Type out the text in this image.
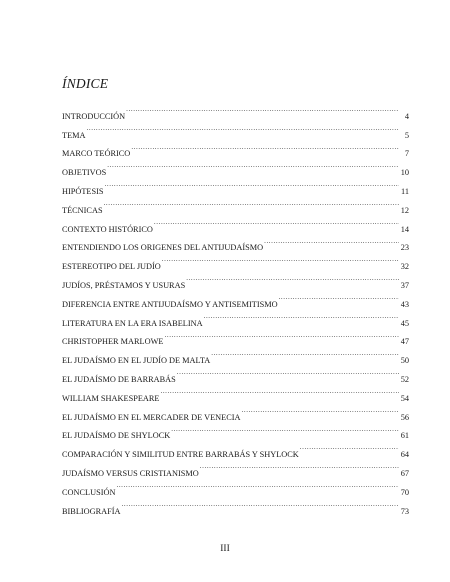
ÍNDICE
INTRODUCCIÓN .....	4
TEMA .....	5
MARCO TEÓRICO .....	7
OBJETIVOS .....	10
HIPÓTESIS .....	11
TÉCNICAS .....	12
CONTEXTO HISTÓRICO .....	14
ENTENDIENDO LOS ORIGENES DEL ANTIJUDAÍSMO .....	23
ESTEREOTIPO DEL JUDÍO .....	32
JUDÍOS, PRÉSTAMOS Y USURAS .....	37
DIFERENCIA ENTRE ANTIJUDAÍSMO Y ANTISEMITISMO .....	43
LITERATURA EN LA ERA ISABELINA .....	45
CHRISTOPHER MARLOWE .....	47
EL JUDAÍSMO EN EL JUDÍO DE MALTA .....	50
EL JUDAÍSMO DE BARRABÁS .....	52
WILLIAM SHAKESPEARE .....	54
EL JUDAÍSMO EN EL MERCADER DE VENECIA .....	56
EL JUDAÍSMO DE SHYLOCK .....	61
COMPARACIÓN Y SIMILITUD ENTRE BARRABÁS Y SHYLOCK .....	64
JUDAÍSMO VERSUS CRISTIANISMO .....	67
CONCLUSIÓN .....	70
BIBLIOGRAFÍA .....	73
III
